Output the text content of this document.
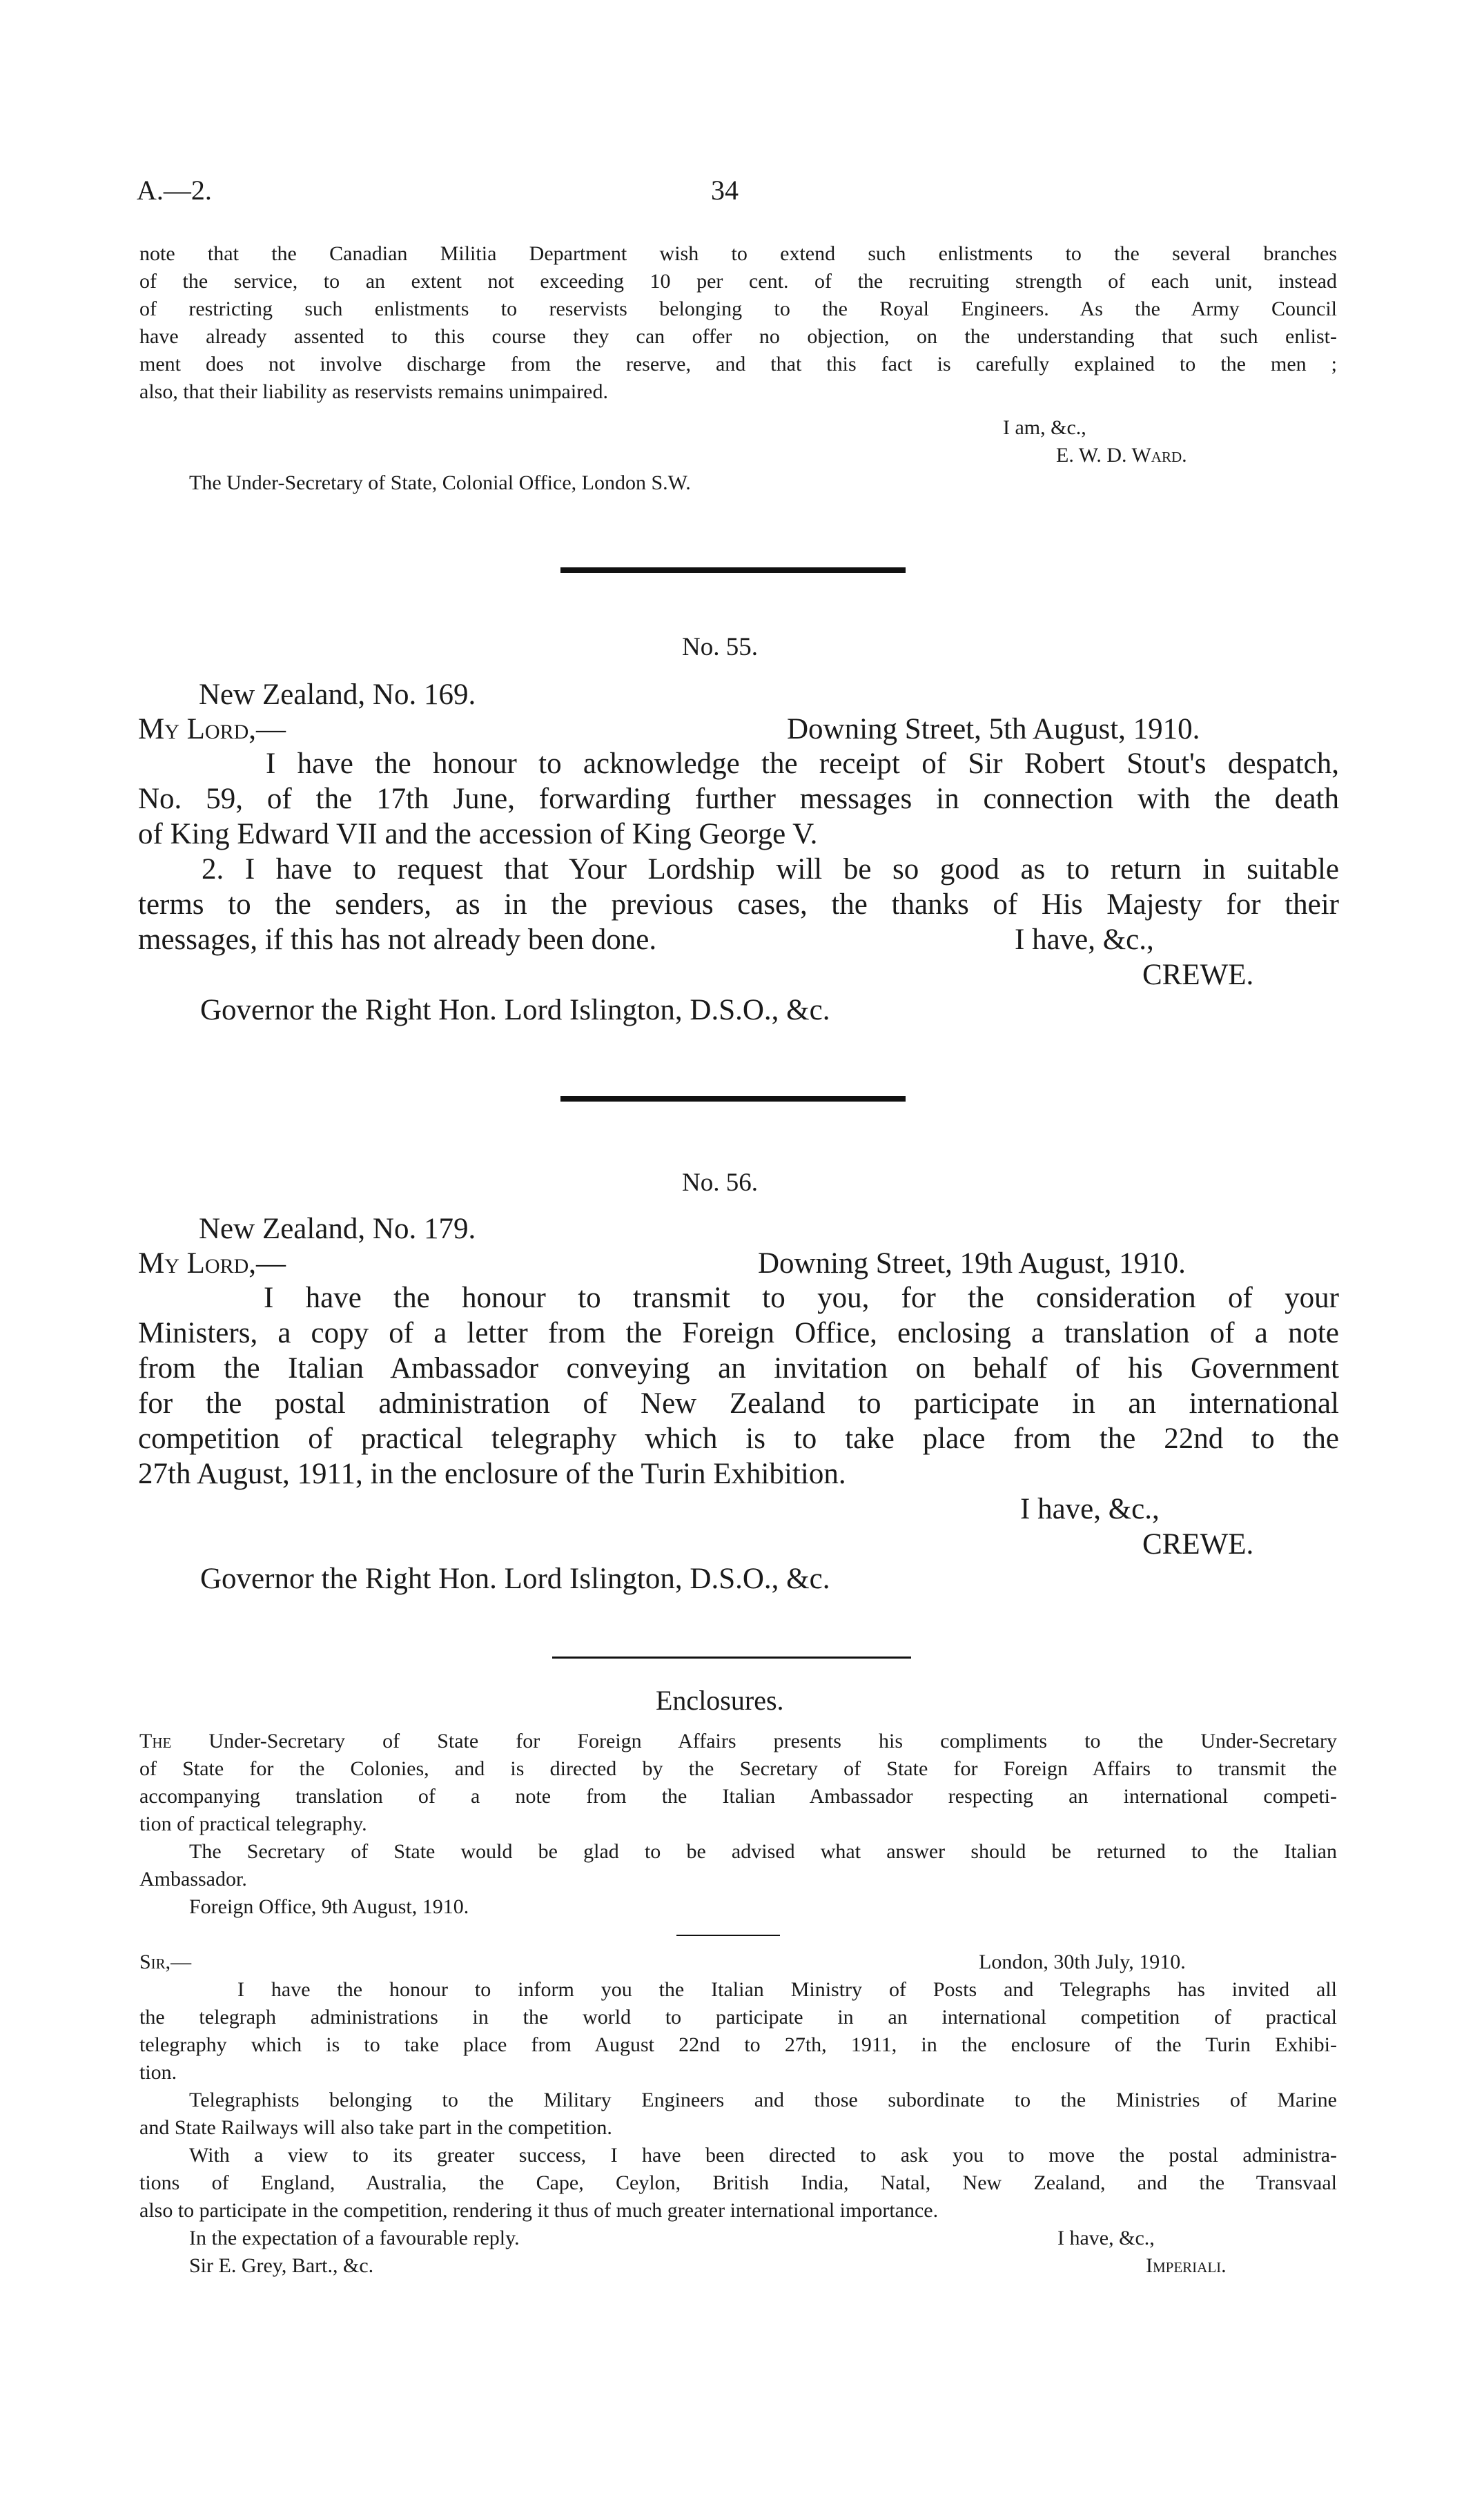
A.—2.	34
note that the Canadian Militia Department wish to extend such enlistments to the several branches
of the service, to an extent not exceeding 10 per cent. of the recruiting strength of each unit, instead
of restricting such enlistments to reservists belonging to the Royal Engineers. As the Army Council
have already assented to this course they can offer no objection, on the understanding that such enlist-
ment does not involve discharge from the reserve, and that this fact is carefully explained to the men ;
also, that their liability as reservists remains unimpaired.
I am, &c.,
E. W. D. Ward.
The Under-Secretary of State, Colonial Office, London S.W.
No. 55.
New Zealand, No. 169.
My Lord,—	Downing Street, 5th August, 1910.
I have the honour to acknowledge the receipt of Sir Robert Stout's despatch,
No. 59, of the 17th June, forwarding further messages in connection with the death
of King Edward VII and the accession of King George V.
2. I have to request that Your Lordship will be so good as to return in suitable
terms to the senders, as in the previous cases, the thanks of His Majesty for their
messages, if this has not already been done.	I have, &c.,
CREWE.
Governor the Right Hon. Lord Islington, D.S.O., &c.
No. 56.
New Zealand, No. 179.
My Lord,—	Downing Street, 19th August, 1910.
I have the honour to transmit to you, for the consideration of your
Ministers, a copy of a letter from the Foreign Office, enclosing a translation of a note
from the Italian Ambassador conveying an invitation on behalf of his Government
for the postal administration of New Zealand to participate in an international
competition of practical telegraphy which is to take place from the 22nd to the
27th August, 1911, in the enclosure of the Turin Exhibition.
I have, &c.,
CREWE.
Governor the Right Hon. Lord Islington, D.S.O., &c.
Enclosures.
The Under-Secretary of State for Foreign Affairs presents his compliments to the Under-Secretary
of State for the Colonies, and is directed by the Secretary of State for Foreign Affairs to transmit the
accompanying translation of a note from the Italian Ambassador respecting an international competi-
tion of practical telegraphy.
The Secretary of State would be glad to be advised what answer should be returned to the Italian
Ambassador.
Foreign Office, 9th August, 1910.
Sir,—	London, 30th July, 1910.
I have the honour to inform you the Italian Ministry of Posts and Telegraphs has invited all
the telegraph administrations in the world to participate in an international competition of practical
telegraphy which is to take place from August 22nd to 27th, 1911, in the enclosure of the Turin Exhibi-
tion.
Telegraphists belonging to the Military Engineers and those subordinate to the Ministries of Marine
and State Railways will also take part in the competition.
With a view to its greater success, I have been directed to ask you to move the postal administra-
tions of England, Australia, the Cape, Ceylon, British India, Natal, New Zealand, and the Transvaal
also to participate in the competition, rendering it thus of much greater international importance.
In the expectation of a favourable reply.	I have, &c.,
Sir E. Grey, Bart., &c.	Imperiali.
